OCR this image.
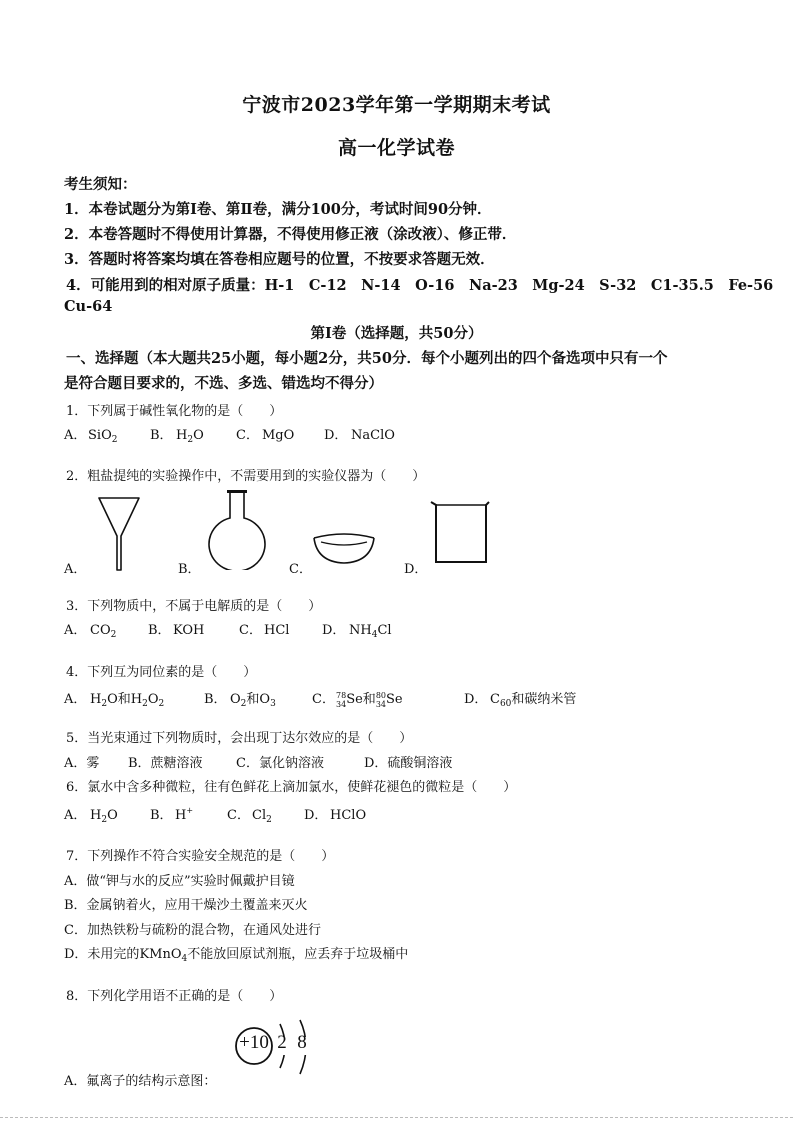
宁波市2023学年第一学期期末考试
高一化学试卷
考生须知：
1．本卷试题分为第Ⅰ卷、第Ⅱ卷，满分100分，考试时间90分钟．
2．本卷答题时不得使用计算器，不得使用修正液（涂改液）、修正带．
3．答题时将答案均填在答卷相应题号的位置，不按要求答题无效．
4．可能用到的相对原子质量：H-1　C-12　N-14　O-16　Na-23　Mg-24　S-32　C1-35.5　Fe-56
Cu-64
第Ⅰ卷（选择题，共50分）
一、选择题（本大题共25小题，每小题2分，共50分．每个小题列出的四个备选项中只有一个
是符合题目要求的，不选、多选、错选均不得分）
1．下列属于碱性氧化物的是（　　）
A． SiO$_2$	B． $H_2O$ C． MgO D． NaClO
2．粗盐提纯的实验操作中，不需要用到的实验仪器为（　　）
A．	B．	C．	D．
3．下列物质中，不属于电解质的是（　　）
A． $CO_2$ B． KOH	C． HCl	D． $NH_4Cl$
4．下列互为同位素的是（　　）
A． $H_2O$和$H_2O_2$	B． $O_2$和$O_3$	C．78
34Se和80
34Se	D． $C_{60}$和碳纳米管
5．当光束通过下列物质时，会出现丁达尔效应的是（　　）
A．雾 B．蔗糖溶液	C．氯化钠溶液	D．硫酸铜溶液
6．氯水中含多种微粒，往有色鲜花上滴加氯水，使鲜花褪色的微粒是（　　）
A． $H_2O$ B． H+	C． $Cl_2$ D． HClO
7．下列操作不符合实验安全规范的是（　　）
A．做“钾与水的反应”实验时佩戴护目镜
B．金属钠着火，应用干燥沙土覆盖来灭火
C．加热铁粉与硫粉的混合物，在通风处进行
D．未用完的KMnO$_4$不能放回原试剂瓶，应丢弃于垃圾桶中
8．下列化学用语不正确的是（　　）
A．氟离子的结构示意图：
+10 2 8
